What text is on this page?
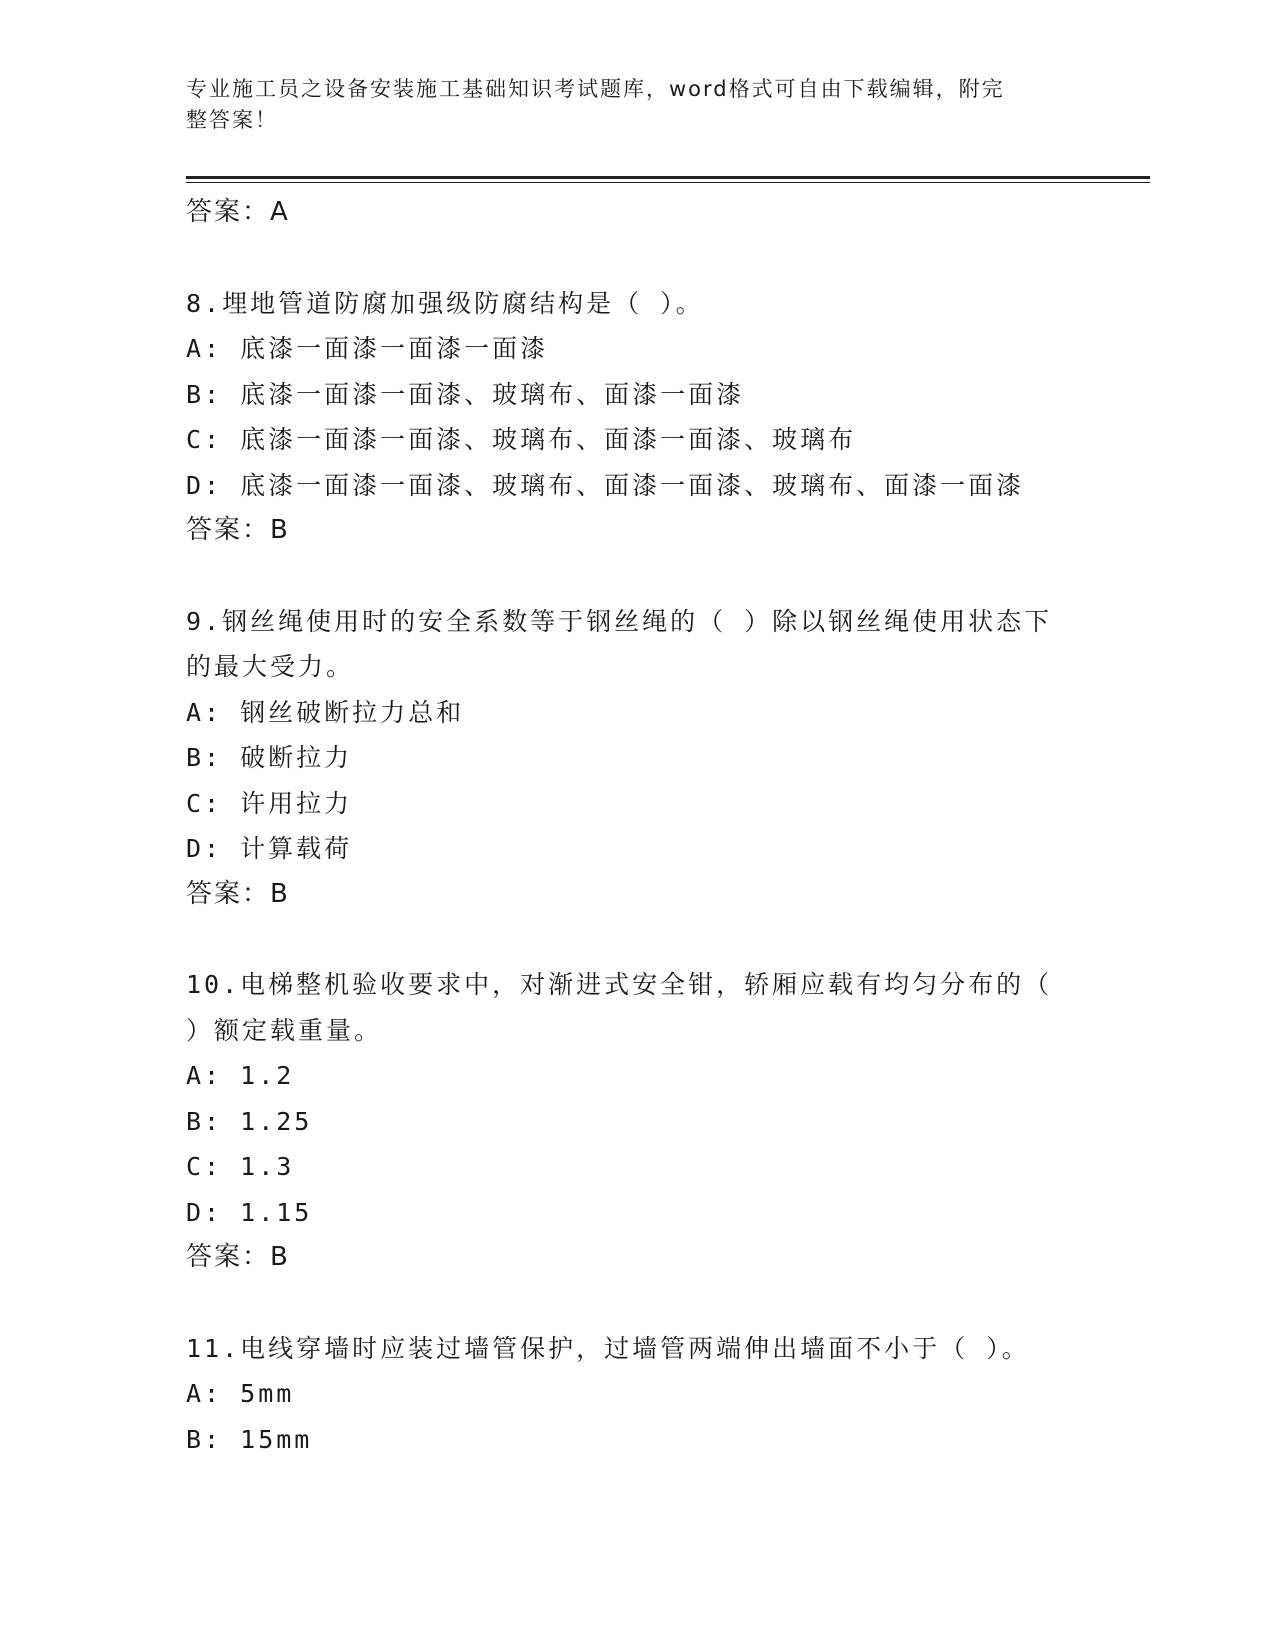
专业施工员之设备安装施工基础知识考试题库，word格式可自由下载编辑，附完
整答案！
答案：A
8.埋地管道防腐加强级防腐结构是（ ）。
A: 底漆一面漆一面漆一面漆
B: 底漆一面漆一面漆、玻璃布、面漆一面漆
C: 底漆一面漆一面漆、玻璃布、面漆一面漆、玻璃布
D: 底漆一面漆一面漆、玻璃布、面漆一面漆、玻璃布、面漆一面漆
答案：B
9.钢丝绳使用时的安全系数等于钢丝绳的（ ）除以钢丝绳使用状态下
的最大受力。
A: 钢丝破断拉力总和
B: 破断拉力
C: 许用拉力
D: 计算载荷
答案：B
10.电梯整机验收要求中，对渐进式安全钳，轿厢应载有均匀分布的（
）额定载重量。
A: 1.2
B: 1.25
C: 1.3
D: 1.15
答案：B
11.电线穿墙时应装过墙管保护，过墙管两端伸出墙面不小于（ ）。
A: 5mm
B: 15mm
